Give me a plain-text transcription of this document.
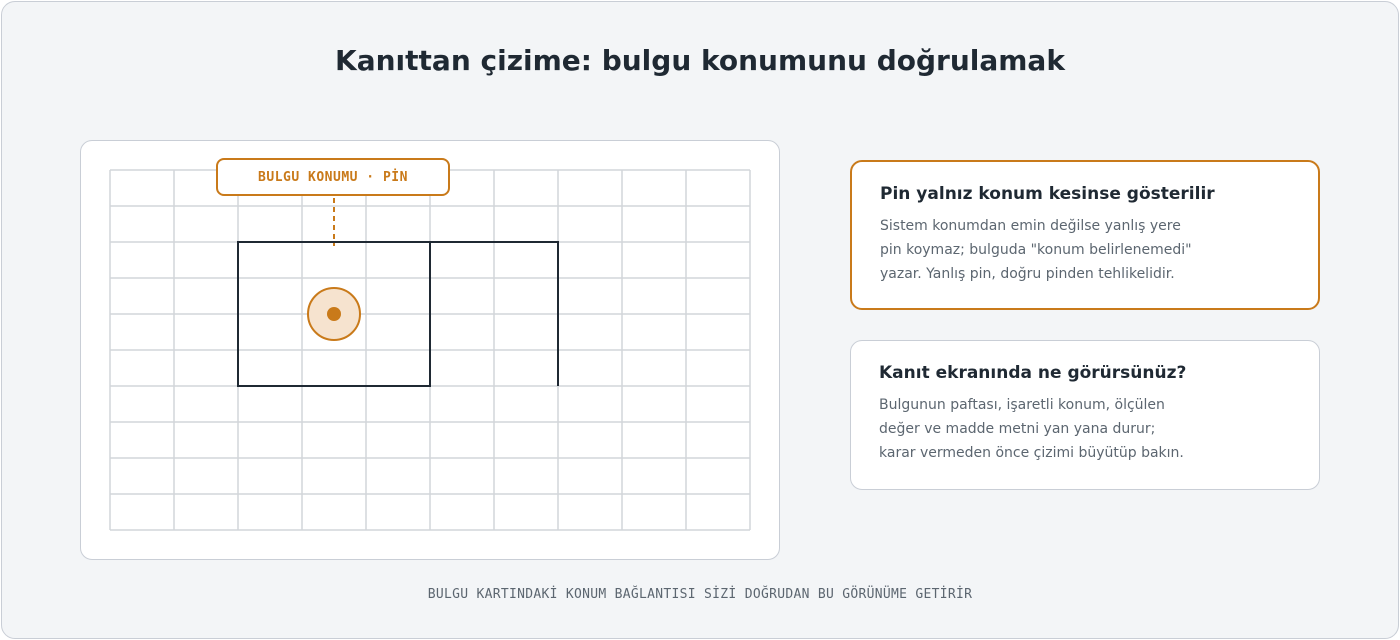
Kanıttan çizime: bulgu konumunu doğrulamak
BULGU KONUMU · PİN
Pin yalnız konum kesinse gösterilir
Sistem konumdan emin değilse yanlış yere
pin koymaz; bulguda "konum belirlenemedi"
yazar. Yanlış pin, doğru pinden tehlikelidir.
Kanıt ekranında ne görürsünüz?
Bulgunun paftası, işaretli konum, ölçülen
değer ve madde metni yan yana durur;
karar vermeden önce çizimi büyütüp bakın.
BULGU KARTINDAKİ KONUM BAĞLANTISI SİZİ DOĞRUDAN BU GÖRÜNÜME GETİRİR
